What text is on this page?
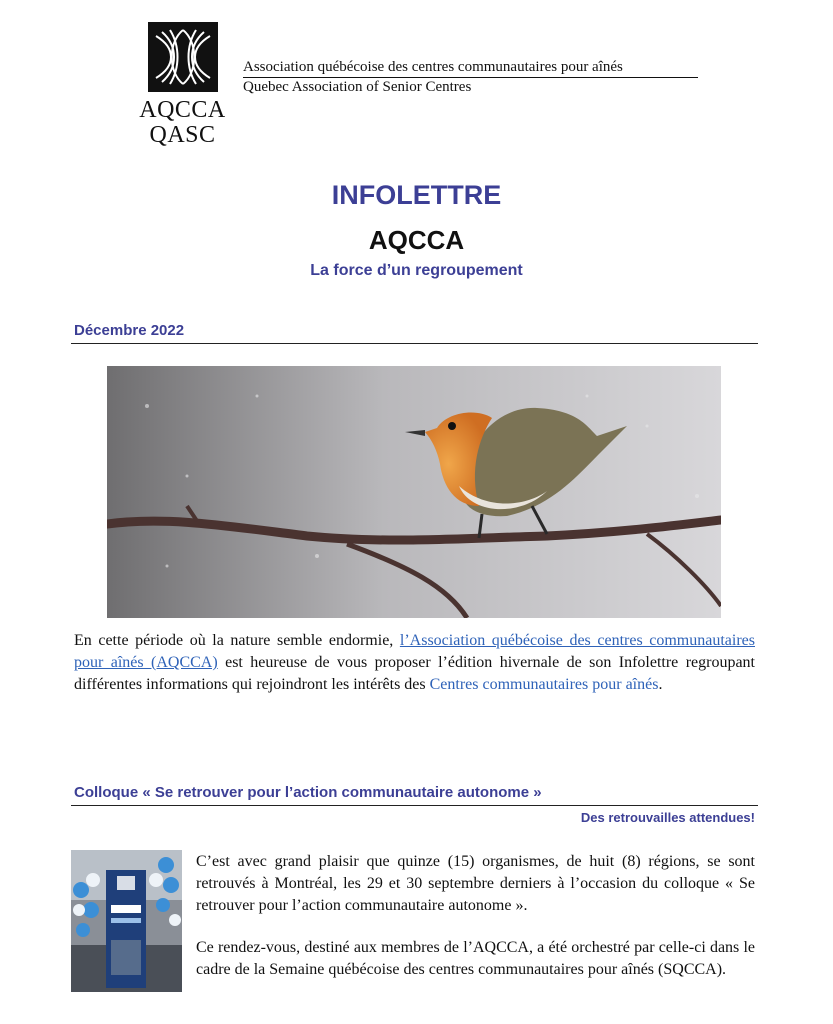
AQCCA
QASC
Association québécoise des centres communautaires pour aînés
Quebec Association of Senior Centres
INFOLETTRE
AQCCA
La force d’un regroupement
Décembre 2022
En cette période où la nature semble endormie, l’Association québécoise des centres communautaires pour aînés (AQCCA) est heureuse de vous proposer l’édition hivernale de son Infolettre regroupant différentes informations qui rejoindront les intérêts des Centres communautaires pour aînés.
Colloque « Se retrouver pour l’action communautaire autonome »
Des retrouvailles attendues!
C’est avec grand plaisir que quinze (15) organismes, de huit (8) régions, se sont retrouvés à Montréal, les 29 et 30 septembre derniers à l’occasion du colloque « Se retrouver pour l’action communautaire autonome ».
Ce rendez-vous, destiné aux membres de l’AQCCA, a été orchestré par celle-ci dans le cadre de la Semaine québécoise des centres communautaires pour aînés (SQCCA).
